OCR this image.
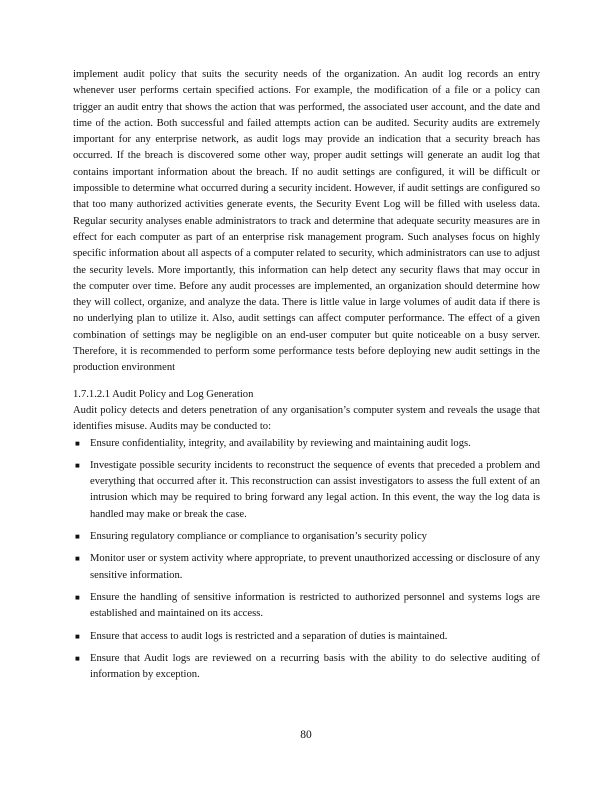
implement audit policy that suits the security needs of the organization. An audit log records an entry whenever user performs certain specified actions. For example, the modification of a file or a policy can trigger an audit entry that shows the action that was performed, the associated user account, and the date and time of the action. Both successful and failed attempts action can be audited. Security audits are extremely important for any enterprise network, as audit logs may provide an indication that a security breach has occurred. If the breach is discovered some other way, proper audit settings will generate an audit log that contains important information about the breach. If no audit settings are configured, it will be difficult or impossible to determine what occurred during a security incident. However, if audit settings are configured so that too many authorized activities generate events, the Security Event Log will be filled with useless data. Regular security analyses enable administrators to track and determine that adequate security measures are in effect for each computer as part of an enterprise risk management program. Such analyses focus on highly specific information about all aspects of a computer related to security, which administrators can use to adjust the security levels. More importantly, this information can help detect any security flaws that may occur in the computer over time. Before any audit processes are implemented, an organization should determine how they will collect, organize, and analyze the data. There is little value in large volumes of audit data if there is no underlying plan to utilize it. Also, audit settings can affect computer performance. The effect of a given combination of settings may be negligible on an end-user computer but quite noticeable on a busy server. Therefore, it is recommended to perform some performance tests before deploying new audit settings in the production environment

1.7.1.2.1 Audit Policy and Log Generation

Audit policy detects and deters penetration of any organisation’s computer system and reveals the usage that identifies misuse. Audits may be conducted to:

■ Ensure confidentiality, integrity, and availability by reviewing and maintaining audit logs.
■ Investigate possible security incidents to reconstruct the sequence of events that preceded a problem and everything that occurred after it. This reconstruction can assist investigators to assess the full extent of an intrusion which may be required to bring forward any legal action. In this event, the way the log data is handled may make or break the case.
■ Ensuring regulatory compliance or compliance to organisation’s security policy
■ Monitor user or system activity where appropriate, to prevent unauthorized accessing or disclosure of any sensitive information.
■ Ensure the handling of sensitive information is restricted to authorized personnel and systems logs are established and maintained on its access.
■ Ensure that access to audit logs is restricted and a separation of duties is maintained.
■ Ensure that Audit logs are reviewed on a recurring basis with the ability to do selective auditing of information by exception.
80
